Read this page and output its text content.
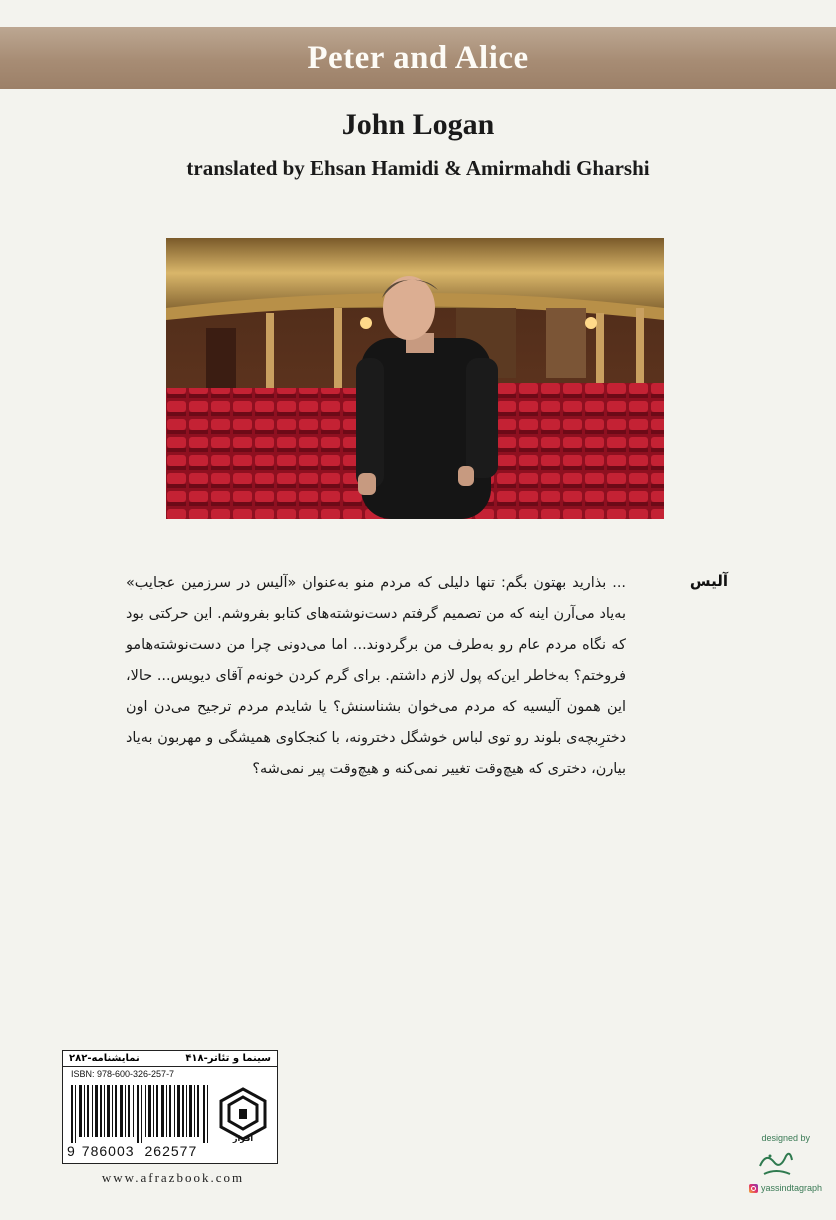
Peter and Alice
John Logan
translated by Ehsan Hamidi & Amirmahdi Gharshi
آلیس
... بذارید بهتون بگم: تنها دلیلی که مردم منو به‌عنوان «آلیس در سرزمین عجایب» به‌یاد می‌آرن اینه که من تصمیم گرفتم دست‌نوشته‌های کتابو بفروشم. این حرکتی بود که نگاه مردم عام رو به‌طرف من برگردوند... اما می‌دونی چرا من دست‌نوشته‌هامو فروختم؟ به‌خاطر این‌که پول لازم داشتم. برای گرم کردن خونه‌م آقای دیویس... حالا، این همون آلیسیه که مردم می‌خوان بشناسنش؟ یا شایدم مردم ترجیح می‌دن اون دخترِبچه‌ی بلوند رو توی لباس خوشگل دخترونه، با کنجکاوی همیشگی و مهربون به‌یاد بیارن، دختری که هیچ‌وقت تغییر نمی‌کنه و هیچ‌وقت پیر نمی‌شه؟
سینما و تئاتر-۴۱۸
نمایشنامه-۲۸۲
ISBN: 978-600-326-257-7
9 786003 262577
افراز
www.afrazbook.com
designed by
yassindtagraph
